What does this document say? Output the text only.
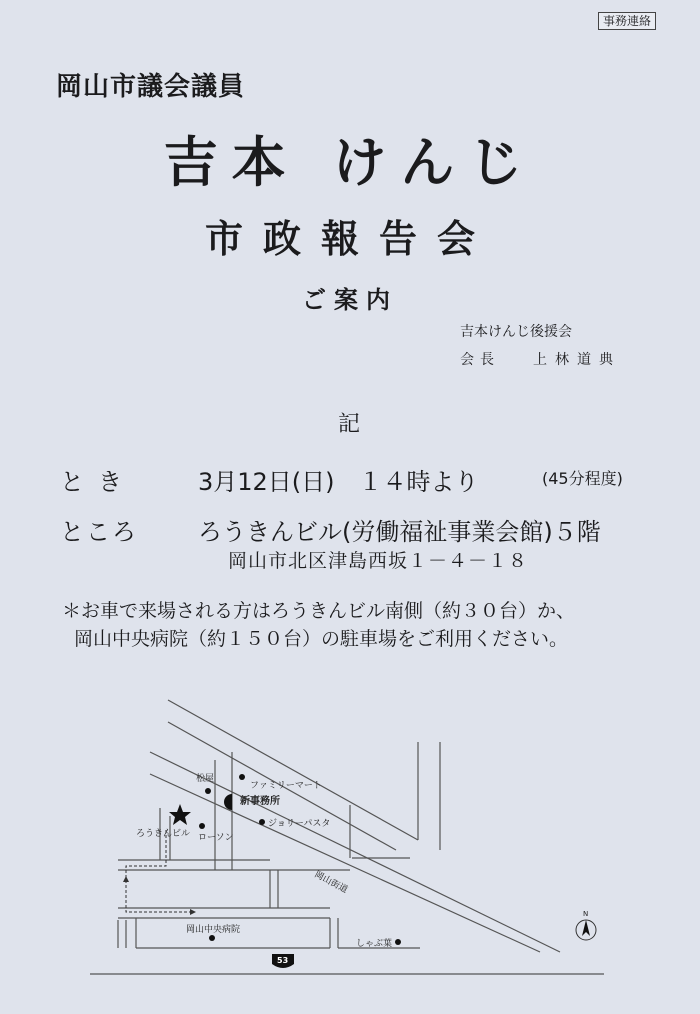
事務連絡
岡山市議会議員
吉本 けんじ
市政報告会
ご案内
吉本けんじ後援会
会長 上林道典
記
とき	3月12日(日)　１４時より	(45分程度)
ところ	ろうきんビル(労働福祉事業会館)５階
岡山市北区津島西坂１－４－１８
＊お車で来場される方はろうきんビル南側（約３０台）か、
岡山中央病院（約１５０台）の駐車場をご利用ください。
松屋
ファミリーマート
新事務所
ジョリーパスタ
ろうきんビル ローソン
岡山街道
岡山中央病院
しゃぶ葉
53
N
